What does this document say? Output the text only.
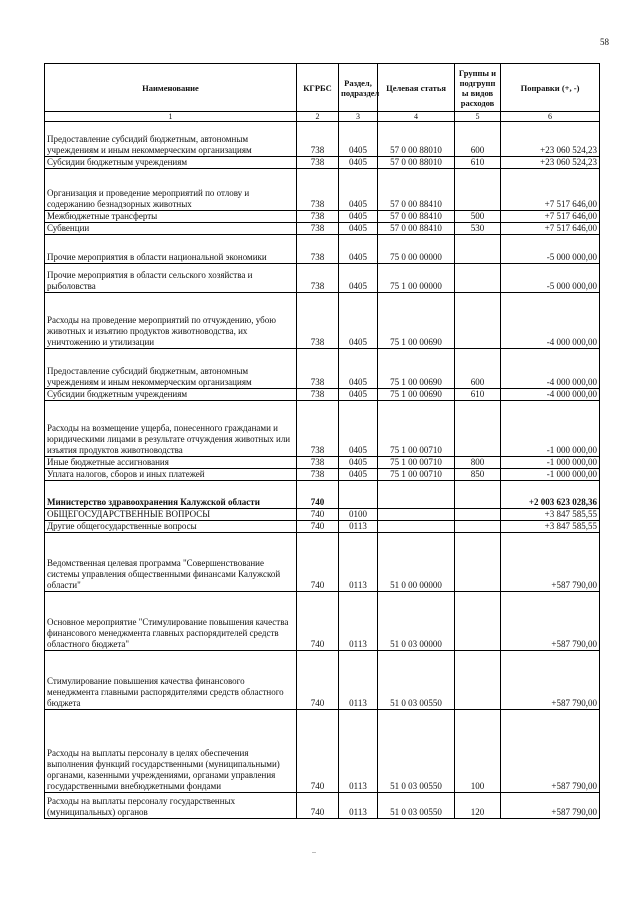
58
Наименование	КГРБС	Раздел, подраздел	Целевая статья	Группы и подгрупп ы видов расходов	Поправки (+, -)
1	2	3	4	5	6
Предоставление субсидий бюджетным, автономным учреждениям и иным некоммерческим организациям	738	0405	57 0 00 88010	600	+23 060 524,23
Субсидии бюджетным учреждениям	738	0405	57 0 00 88010	610	+23 060 524,23
Организация и проведение мероприятий по отлову и содержанию безнадзорных животных	738	0405	57 0 00 88410		+7 517 646,00
Межбюджетные трансферты	738	0405	57 0 00 88410	500	+7 517 646,00
Субвенции	738	0405	57 0 00 88410	530	+7 517 646,00
Прочие мероприятия в области национальной экономики	738	0405	75 0 00 00000		-5 000 000,00
Прочие мероприятия в области сельского хозяйства и рыболовства	738	0405	75 1 00 00000		-5 000 000,00
Расходы на проведение мероприятий по отчуждению, убою животных и изъятию продуктов животноводства, их уничтожению и утилизации	738	0405	75 1 00 00690		-4 000 000,00
Предоставление субсидий бюджетным, автономным учреждениям и иным некоммерческим организациям	738	0405	75 1 00 00690	600	-4 000 000,00
Субсидии бюджетным учреждениям	738	0405	75 1 00 00690	610	-4 000 000,00
Расходы на возмещение ущерба, понесенного гражданами и юридическими лицами в результате отчуждения животных или изъятия продуктов животноводства	738	0405	75 1 00 00710		-1 000 000,00
Иные бюджетные ассигнования	738	0405	75 1 00 00710	800	-1 000 000,00
Уплата налогов, сборов и иных платежей	738	0405	75 1 00 00710	850	-1 000 000,00
Министерство здравоохранения Калужской области	740				+2 003 623 028,36
ОБЩЕГОСУДАРСТВЕННЫЕ ВОПРОСЫ	740	0100			+3 847 585,55
Другие общегосударственные вопросы	740	0113			+3 847 585,55
Ведомственная целевая программа "Совершенствование системы управления общественными финансами Калужской области"	740	0113	51 0 00 00000		+587 790,00
Основное мероприятие "Стимулирование повышения качества финансового менеджмента главных распорядителей средств областного бюджета"	740	0113	51 0 03 00000		+587 790,00
Стимулирование повышения качества финансового менеджмента главными распорядителями средств областного бюджета	740	0113	51 0 03 00550		+587 790,00
Расходы на выплаты персоналу в целях обеспечения выполнения функций государственными (муниципальными) органами, казенными учреждениями, органами управления государственными внебюджетными фондами	740	0113	51 0 03 00550	100	+587 790,00
Расходы на выплаты персоналу государственных (муниципальных) органов	740	0113	51 0 03 00550	120	+587 790,00
